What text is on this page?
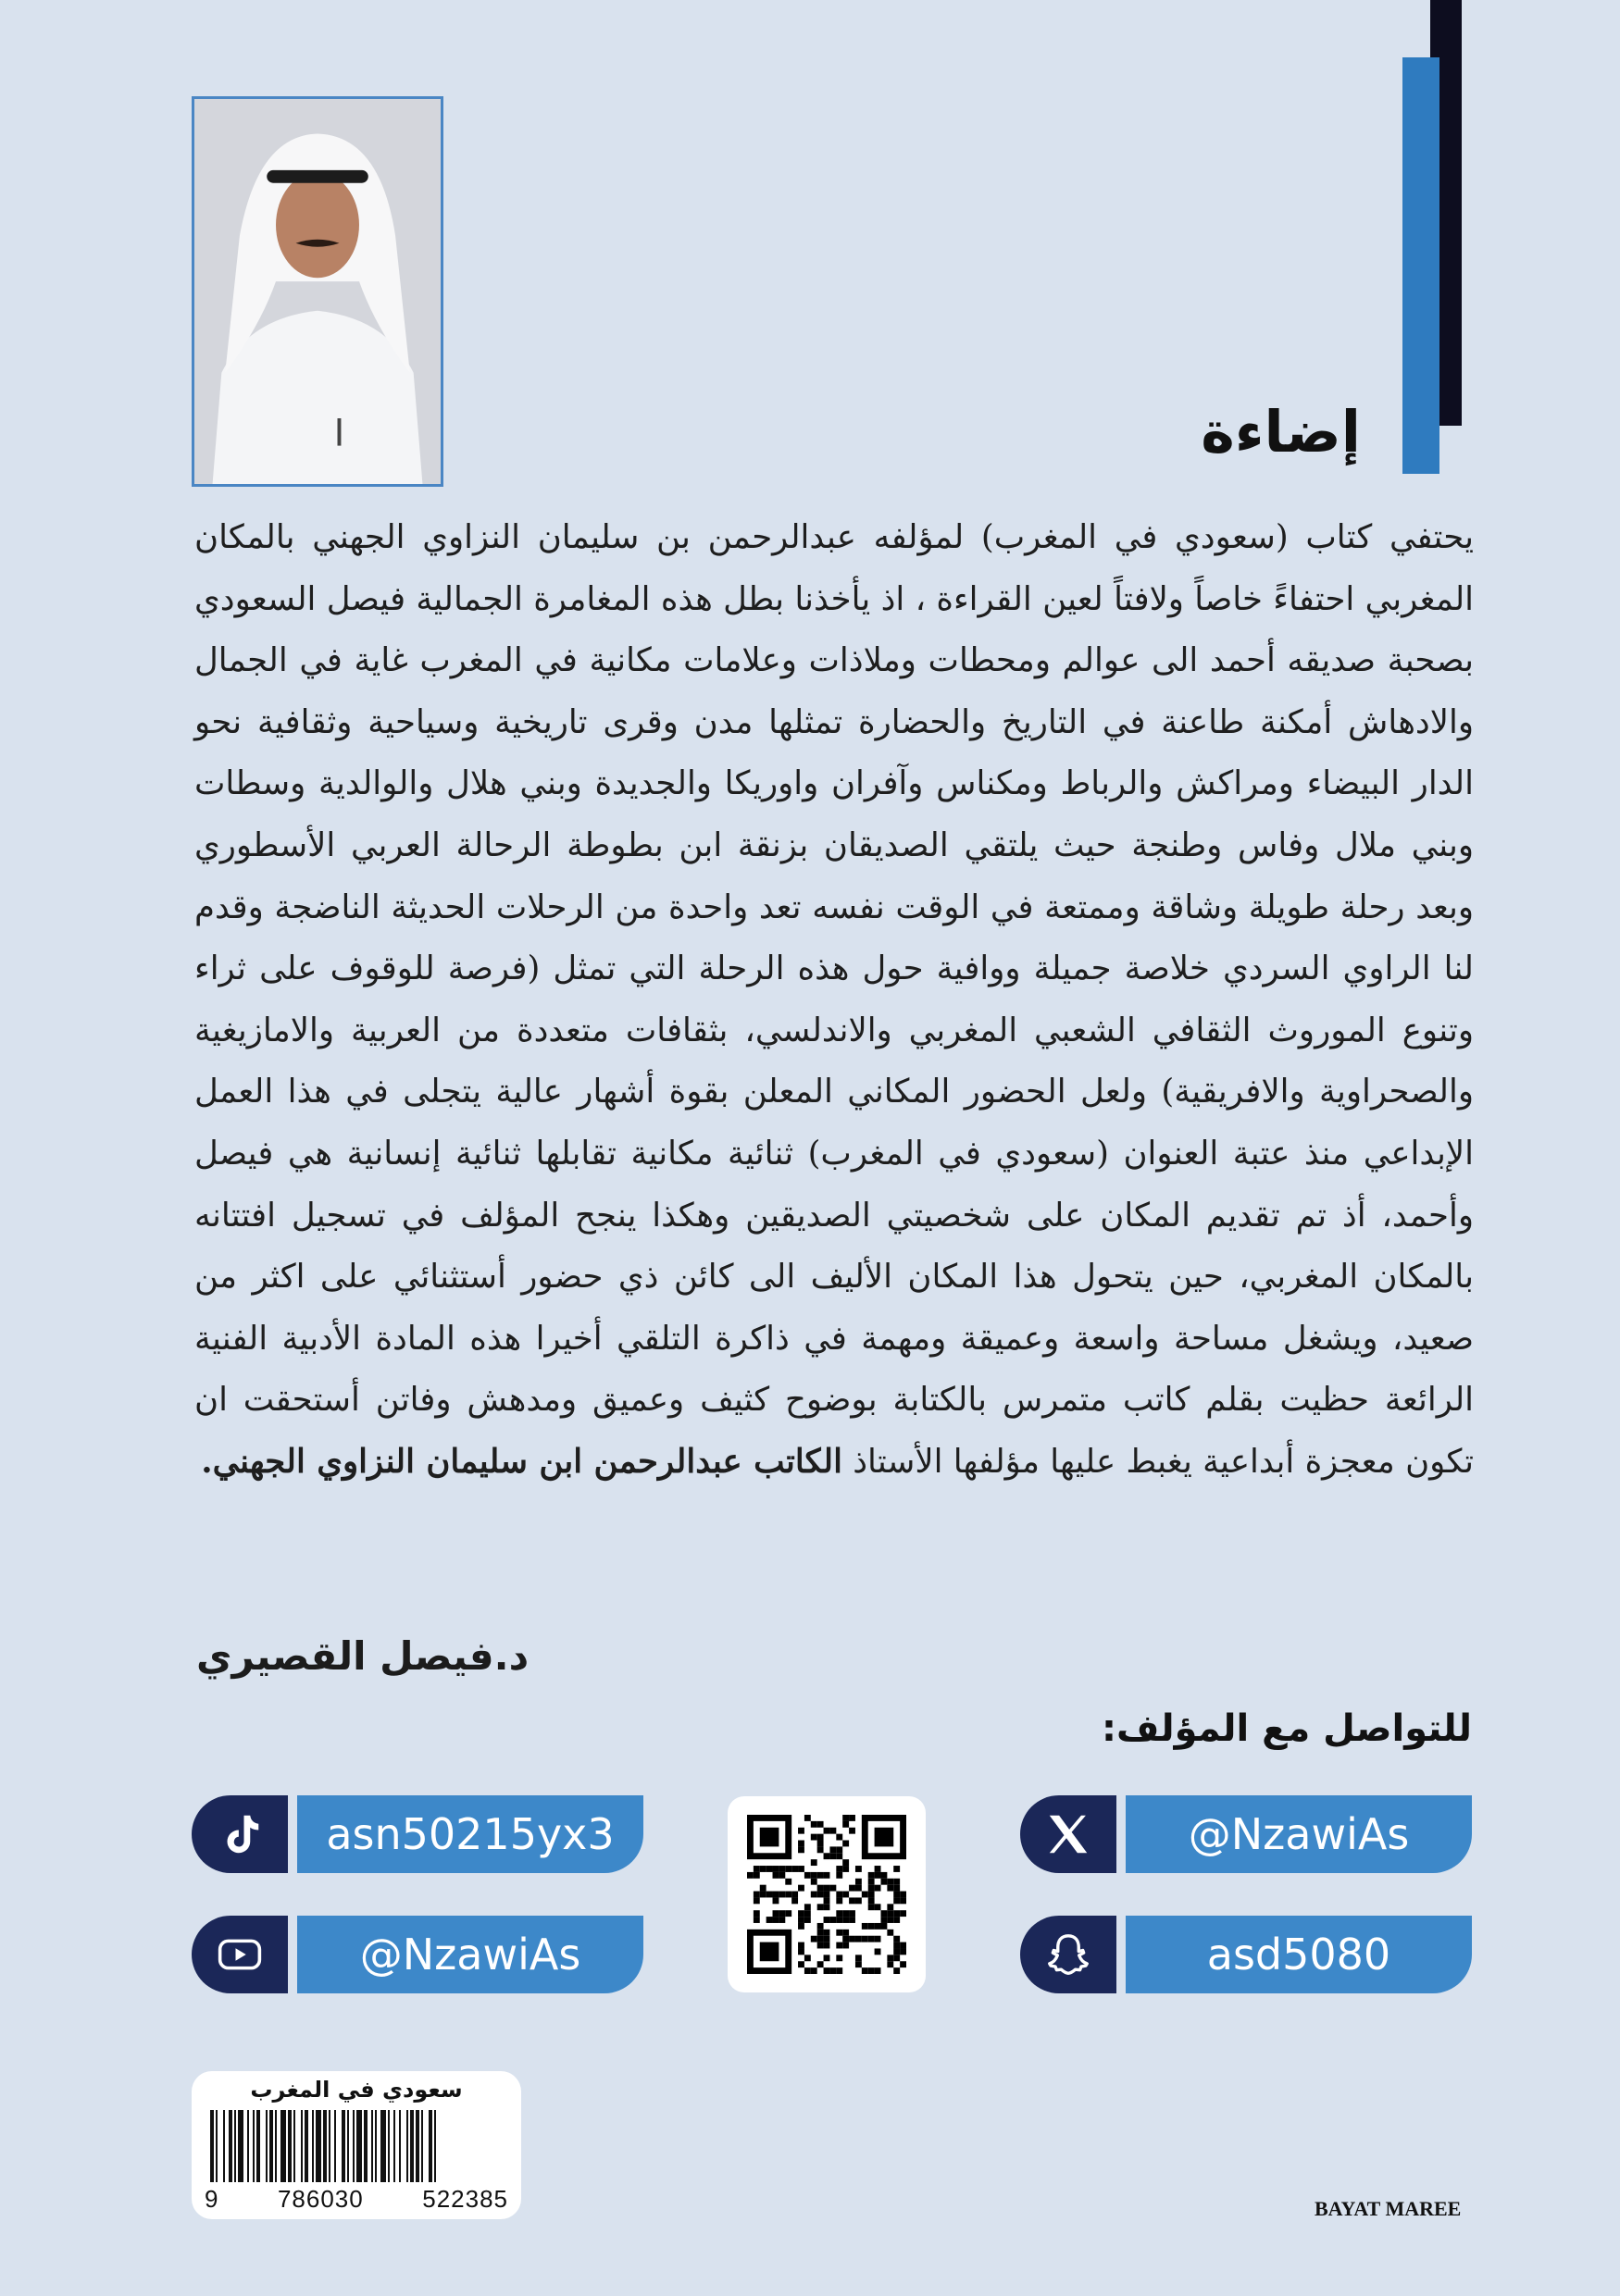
إضاءة

يحتفي كتاب (سعودي في المغرب) لمؤلفه عبدالرحمن بن سليمان النزاوي الجهني بالمكان المغربي احتفاءً خاصاً ولافتاً لعين القراءة ، اذ يأخذنا بطل هذه المغامرة الجمالية فيصل السعودي بصحبة صديقه أحمد الى عوالم ومحطات وملاذات وعلامات مكانية في المغرب غاية في الجمال والادهاش أمكنة طاعنة في التاريخ والحضارة تمثلها مدن وقرى تاريخية وسياحية وثقافية نحو الدار البيضاء ومراكش والرباط ومكناس وآفران واوريكا والجديدة وبني هلال والوالدية وسطات وبني ملال وفاس وطنجة حيث يلتقي الصديقان بزنقة ابن بطوطة الرحالة العربي الأسطوري وبعد رحلة طويلة وشاقة وممتعة في الوقت نفسه تعد واحدة من الرحلات الحديثة الناضجة وقدم لنا الراوي السردي خلاصة جميلة ووافية حول هذه الرحلة التي تمثل (فرصة للوقوف على ثراء وتنوع الموروث الثقافي الشعبي المغربي والاندلسي، بثقافات متعددة من العربية والامازيغية والصحراوية والافريقية) ولعل الحضور المكاني المعلن بقوة أشهار عالية يتجلى في هذا العمل الإبداعي منذ عتبة العنوان (سعودي في المغرب) ثنائية مكانية تقابلها ثنائية إنسانية هي فيصل وأحمد، أذ تم تقديم المكان على شخصيتي الصديقين وهكذا ينجح المؤلف في تسجيل افتتانه بالمكان المغربي، حين يتحول هذا المكان الأليف الى كائن ذي حضور أستثنائي على اكثر من صعيد، ويشغل مساحة واسعة وعميقة ومهمة في ذاكرة التلقي أخيرا هذه المادة الأدبية الفنية الرائعة حظيت بقلم كاتب متمرس بالكتابة بوضوح كثيف وعميق ومدهش وفاتن أستحقت ان تكون معجزة أبداعية يغبط عليها مؤلفها الأستاذ الكاتب عبدالرحمن ابن سليمان النزاوي الجهني.

د.فيصل القصيري
للتواصل مع المؤلف:
@NzawiAs
asn50215yx3
asd5080
@NzawiAs
سعودي في المغرب
9 786030 522385	BAYAT MAREE
